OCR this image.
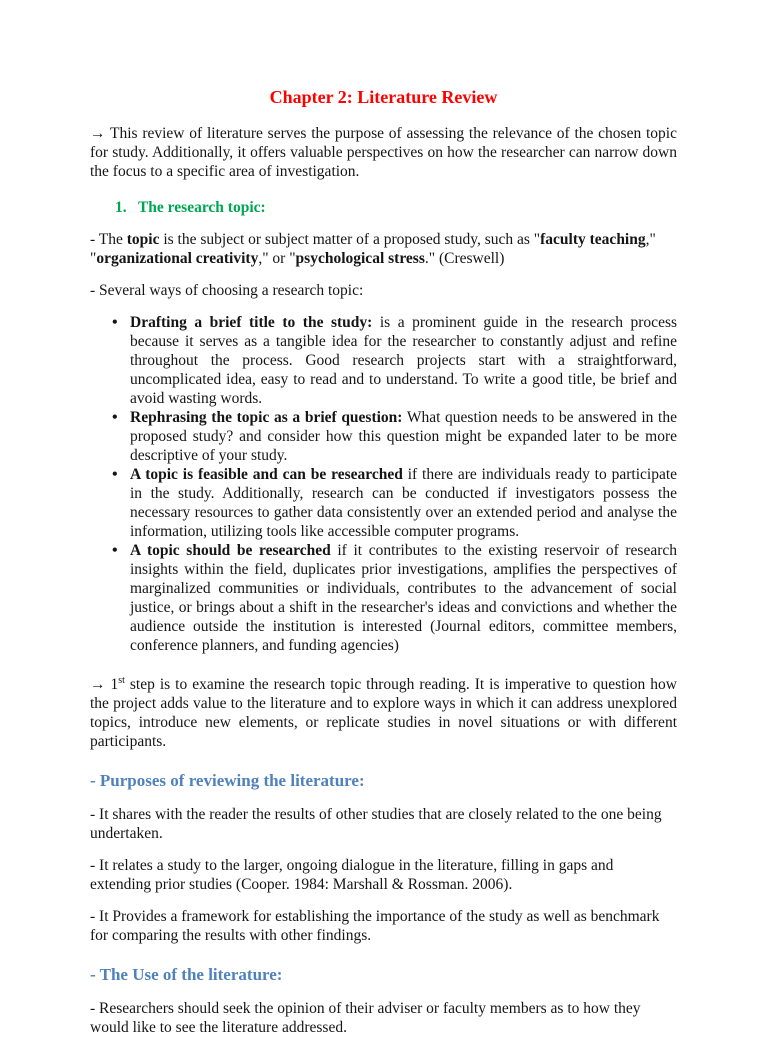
Chapter 2: Literature Review

→ This review of literature serves the purpose of assessing the relevance of the chosen topic for study. Additionally, it offers valuable perspectives on how the researcher can narrow down the focus to a specific area of investigation.

1.   The research topic:

- The topic is the subject or subject matter of a proposed study, such as "faculty teaching," "organizational creativity," or "psychological stress." (Creswell)

- Several ways of choosing a research topic:

• Drafting a brief title to the study: is a prominent guide in the research process because it serves as a tangible idea for the researcher to constantly adjust and refine throughout the process. Good research projects start with a straightforward, uncomplicated idea, easy to read and to understand. To write a good title, be brief and avoid wasting words.
• Rephrasing the topic as a brief question: What question needs to be answered in the proposed study? and consider how this question might be expanded later to be more descriptive of your study.
• A topic is feasible and can be researched if there are individuals ready to participate in the study. Additionally, research can be conducted if investigators possess the necessary resources to gather data consistently over an extended period and analyse the information, utilizing tools like accessible computer programs.
• A topic should be researched if it contributes to the existing reservoir of research insights within the field, duplicates prior investigations, amplifies the perspectives of marginalized communities or individuals, contributes to the advancement of social justice, or brings about a shift in the researcher's ideas and convictions and whether the audience outside the institution is interested (Journal editors, committee members, conference planners, and funding agencies)

→ 1st step is to examine the research topic through reading. It is imperative to question how the project adds value to the literature and to explore ways in which it can address unexplored topics, introduce new elements, or replicate studies in novel situations or with different participants.

- Purposes of reviewing the literature:

- It shares with the reader the results of other studies that are closely related to the one being undertaken.

- It relates a study to the larger, ongoing dialogue in the literature, filling in gaps and extending prior studies (Cooper. 1984: Marshall & Rossman. 2006).

- It Provides a framework for establishing the importance of the study as well as benchmark for comparing the results with other findings.

- The Use of the literature:

- Researchers should seek the opinion of their adviser or faculty members as to how they would like to see the literature addressed.
